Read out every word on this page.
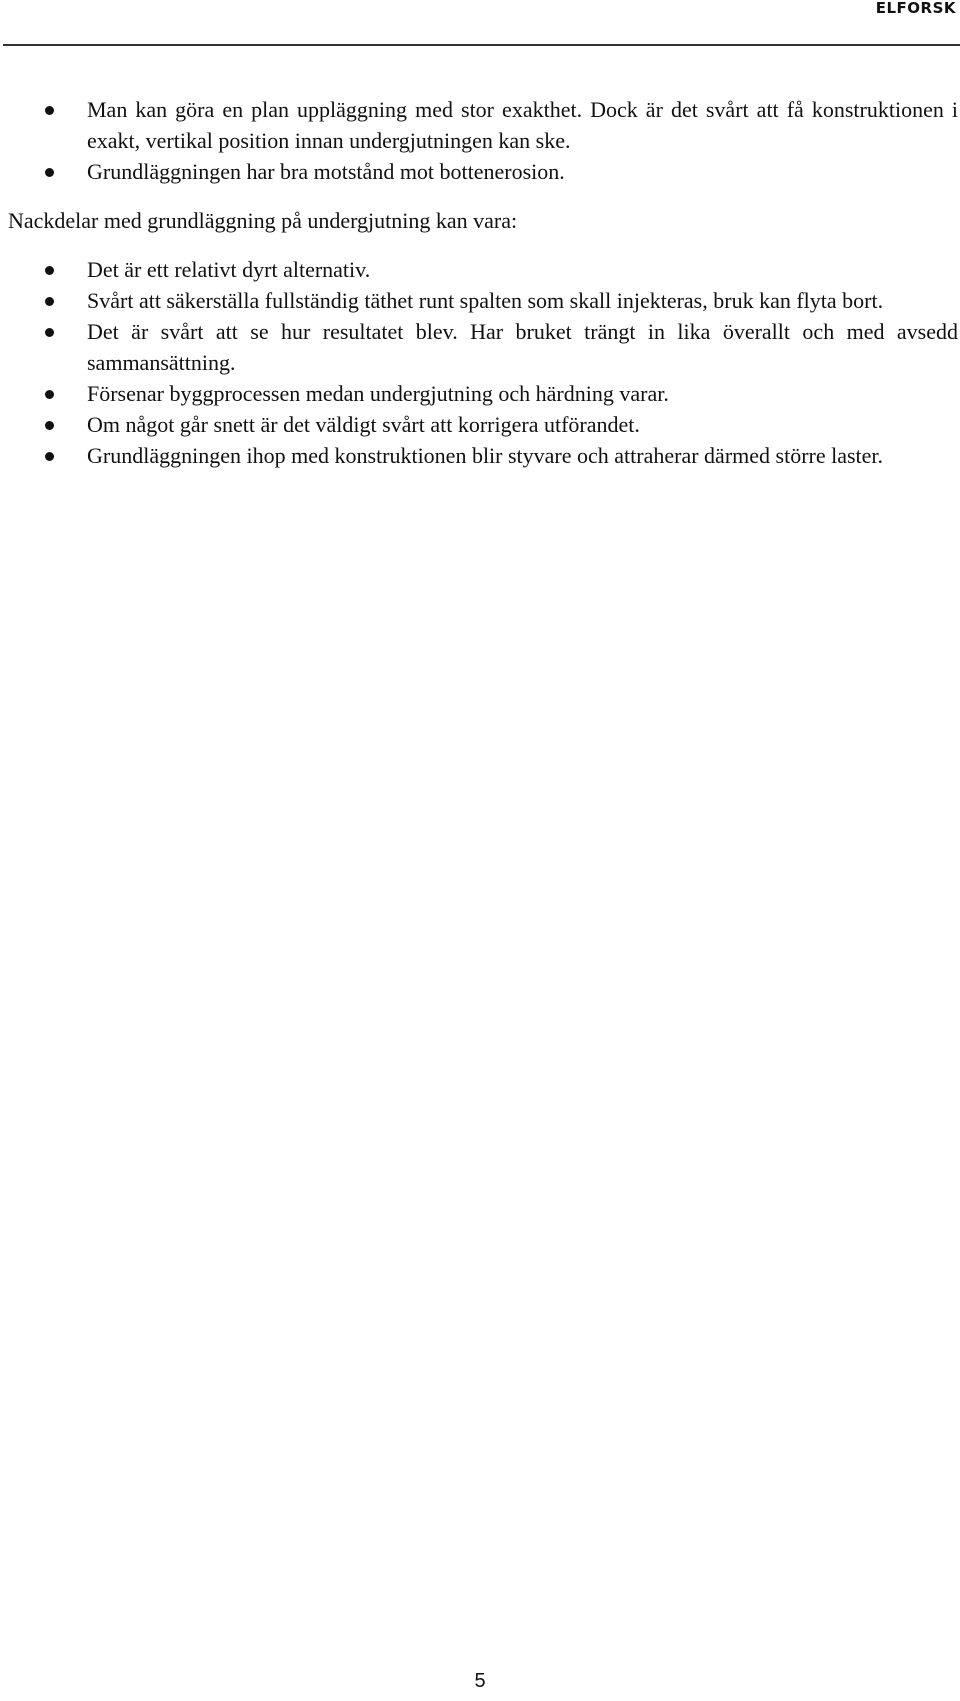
ELFORSK
Man kan göra en plan uppläggning med stor exakthet. Dock är det svårt att få konstruktionen i exakt, vertikal position innan undergjutningen kan ske.
Grundläggningen har bra motstånd mot bottenerosion.

Nackdelar med grundläggning på undergjutning kan vara:

Det är ett relativt dyrt alternativ.
Svårt att säkerställa fullständig täthet runt spalten som skall injekteras, bruk kan flyta bort.
Det är svårt att se hur resultatet blev. Har bruket trängt in lika överallt och med avsedd sammansättning.
Försenar byggprocessen medan undergjutning och härdning varar.
Om något går snett är det väldigt svårt att korrigera utförandet.
Grundläggningen ihop med konstruktionen blir styvare och attraherar därmed större laster.
5
